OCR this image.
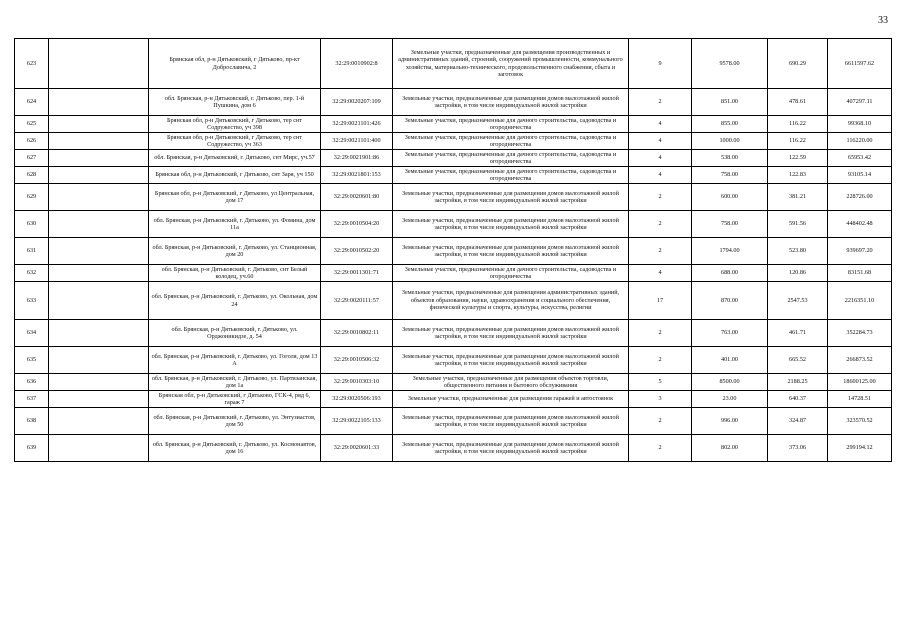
33
623		Брянская обл, р-н Дятьковский, г Дятьково, пр-кт Доброславича, 2	32:29:0010902:8	Земельные участки, предназначенные для размещения производственных и административных зданий, строений, сооружений промышленности, коммунального хозяйства, материально-технического, продовольственного снабжения, сбыта и заготовок	9	9578.00	690.29	6611597.62
624		обл. Брянская, р-н Дятьковский, г. Дятьково, пер. 1-й Пушкина, дом 6	32:29:0020207:109	Земельные участки, предназначенные для размещения домов малоэтажной жилой застройки, в том числе индивидуальной жилой застройки	2	851.00	478.61	407297.11
625		Брянская обл, р-н Дятьковский, г Дятьково, тер снт Содружество, уч 398	32:29:0021101:426	Земельные участки, предназначенные для дачного строительства, садоводства и огородничества	4	855.00	116.22	99368.10
626		Брянская обл, р-н Дятьковский, г Дятьково, тер снт Содружество, уч 363	32:29:0021101:400	Земельные участки, предназначенные для дачного строительства, садоводства и огородничества	4	1000.00	116.22	116220.00
627		обл. Брянская, р-н Дятьковский, г. Дятьково, снт Мирс, уч.57	32:29:0021901:86	Земельные участки, предназначенные для дачного строительства, садоводства и огородничества	4	538.00	122.59	65953.42
628		Брянская обл, р-н Дятьковский, г Дятьково, снт Заря, уч 150	32:29:0021801:153	Земельные участки, предназначенные для дачного строительства, садоводства и огородничества	4	758.00	122.83	93105.14
629		Брянская обл, р-н Дятьковский, г Дятьково, ул Центральная, дом 17	32:29:0020601:80	Земельные участки, предназначенные для размещения домов малоэтажной жилой застройки, в том числе индивидуальной жилой застройки	2	600.00	381.21	228726.00
630		обл. Брянская, р-н Дятьковский, г. Дятьково, ул. Фомина, дом 11а	32:29:0010504:20	Земельные участки, предназначенные для размещения домов малоэтажной жилой застройки, в том числе индивидуальной жилой застройки	2	758.00	591.56	448402.48
631		обл. Брянская, р-н Дятьковский, г. Дятьково, ул. Станционная, дом 20	32:29:0010502:20	Земельные участки, предназначенные для размещения домов малоэтажной жилой застройки, в том числе индивидуальной жилой застройки	2	1794.00	523.80	939697.20
632		обл. Брянская, р-н Дятьковский, г. Дятьково, снт Белый колодец, уч.60	32:29:0011301:71	Земельные участки, предназначенные для дачного строительства, садоводства и огородничества	4	688.00	120.86	83151.68
633		обл. Брянская, р-н Дятьковский, г. Дятьково, ул. Окольная, дом 24	32:29:0020111:57	Земельные участки, предназначенные для размещения административных зданий, объектов образования, науки, здравоохранения и социального обеспечения, физической культуры и спорта, культуры, искусства, религии	17	870.00	2547.53	2216351.10
634		обл. Брянская, р-н Дятьковский, г. Дятьково, ул. Орджоникидзе, д. 54	32:29:0010802:11	Земельные участки, предназначенные для размещения домов малоэтажной жилой застройки, в том числе индивидуальной жилой застройки	2	763.00	461.71	352284.73
635		обл. Брянская, р-н Дятьковский, г. Дятьково, ул. Гоголя, дом 13 А	32:29:0010506:32	Земельные участки, предназначенные для размещения домов малоэтажной жилой застройки, в том числе индивидуальной жилой застройки	2	401.00	665.52	266873.52
636		обл. Брянская, р-н Дятьковский, г. Дятьково, ул. Партизанская, дом 1а	32:29:0010303:10	Земельные участки, предназначенные для размещения объектов торговли, общественного питания и бытового обслуживания	5	8500.00	2188.25	18600125.00
637		Брянская обл, р-н Дятьковский, г Дятьково, ГСК-4, ряд 6, гараж 7	32:29:0020506:193	Земельные участки, предназначенные для размещения гаражей и автостоянок	3	23.00	640.37	14728.51
638		обл. Брянская, р-н Дятьковский, г. Дятьково, ул. Энтузиастов, дом 50	32:29:0022105:133	Земельные участки, предназначенные для размещения домов малоэтажной жилой застройки, в том числе индивидуальной жилой застройки	2	996.00	324.87	323570.52
639		обл. Брянская, р-н Дятьковский, г. Дятьково, ул. Космонавтов, дом 16	32:29:0020601:33	Земельные участки, предназначенные для размещения домов малоэтажной жилой застройки, в том числе индивидуальной жилой застройки	2	802.00	373.06	299194.12
